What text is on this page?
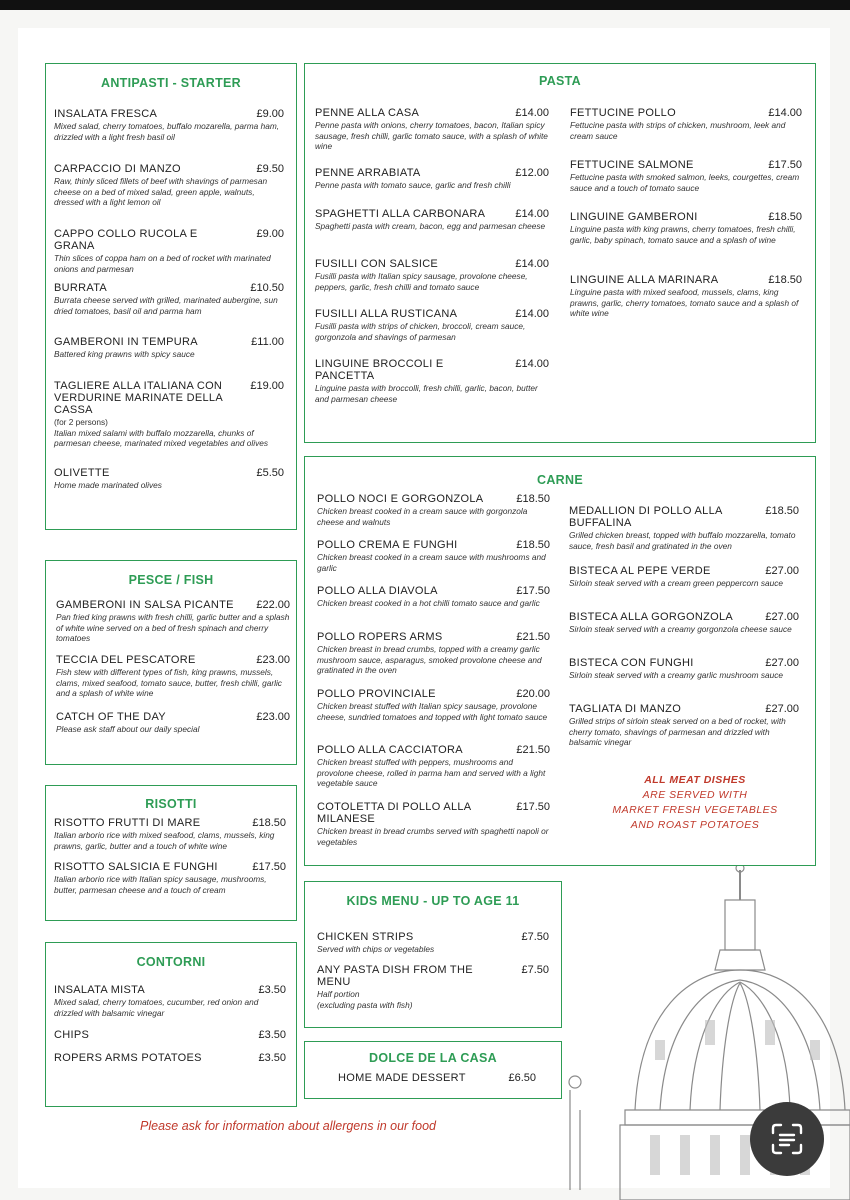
ANTIPASTI - STARTER
INSALATA FRESCA	£9.00
Mixed salad, cherry tomatoes, buffalo mozarella, parma ham, drizzled with a light fresh basil oil
CARPACCIO DI MANZO	£9.50
Raw, thinly sliced fillets of beef with shavings of parmesan cheese on a bed of mixed salad, green apple, walnuts, dressed with a light lemon oil
CAPPO COLLO RUCOLA E GRANA
£9.00
Thin slices of coppa ham on a bed of rocket with marinated onions and parmesan
BURRATA	£10.50
Burrata cheese served with grilled, marinated aubergine, sun dried tomatoes, basil oil and parma ham
GAMBERONI IN TEMPURA	£11.00
Battered king prawns with spicy sauce
TAGLIERE ALLA ITALIANA CON VERDURINE MARINATE DELLA CASSA
£19.00
(for 2 persons)
Italian mixed salami with buffalo mozzarella, chunks of parmesan cheese, marinated mixed vegetables and olives
OLIVETTE	£5.50
Home made marinated olives
PESCE / FISH
GAMBERONI IN SALSA PICANTE	£22.00
Pan fried king prawns with fresh chilli, garlic butter and a splash of white wine served on a bed of fresh spinach and cherry tomatoes
TECCIA DEL PESCATORE	£23.00
Fish stew with different types of fish, king prawns, mussels, clams, mixed seafood, tomato sauce, butter, fresh chilli, garlic and a splash of white wine
CATCH OF THE DAY	£23.00
Please ask staff about our daily special
RISOTTI
RISOTTO FRUTTI DI MARE	£18.50
Italian arborio rice with mixed seafood, clams, mussels, king prawns, garlic, butter and a touch of white wine
RISOTTO SALSICIA E FUNGHI	£17.50
Italian arborio rice with Italian spicy sausage, mushrooms, butter, parmesan cheese and a touch of cream
CONTORNI
INSALATA MISTA	£3.50
Mixed salad, cherry tomatoes, cucumber, red onion and drizzled with balsamic vinegar
CHIPS	£3.50
ROPERS ARMS POTATOES	£3.50
PASTA
PENNE ALLA CASA	£14.00
Penne pasta with onions, cherry tomatoes, bacon, Italian spicy sausage, fresh chilli, garlic tomato sauce, with a splash of white wine
PENNE ARRABIATA	£12.00
Penne pasta with tomato sauce, garlic and fresh chilli
SPAGHETTI ALLA CARBONARA	£14.00
Spaghetti pasta with cream, bacon, egg and parmesan cheese
FUSILLI CON SALSICE	£14.00
Fusilli pasta with Italian spicy sausage, provolone cheese, peppers, garlic, fresh chilli and tomato sauce
FUSILLI ALLA RUSTICANA	£14.00
Fusilli pasta with strips of chicken, broccoli, cream sauce, gorgonzola and shavings of parmesan
LINGUINE BROCCOLI E PANCETTA
£14.00
Linguine pasta with broccolli, fresh chilli, garlic, bacon, butter and parmesan cheese
FETTUCINE POLLO	£14.00
Fettucine pasta with strips of chicken, mushroom, leek and cream sauce
FETTUCINE SALMONE	£17.50
Fettucine pasta with smoked salmon, leeks, courgettes, cream sauce and a touch of tomato sauce
LINGUINE GAMBERONI	£18.50
Linguine pasta with king prawns, cherry tomatoes, fresh chilli, garlic, baby spinach, tomato sauce and a splash of wine
LINGUINE ALLA MARINARA	£18.50
Linguine pasta with mixed seafood, mussels, clams, king prawns, garlic, cherry tomatoes, tomato sauce and a splash of white wine
CARNE
POLLO NOCI E GORGONZOLA	£18.50
Chicken breast cooked in a cream sauce with gorgonzola cheese and walnuts
POLLO CREMA E FUNGHI	£18.50
Chicken breast cooked in a cream sauce with mushrooms and garlic
POLLO ALLA DIAVOLA	£17.50
Chicken breast cooked in a hot chilli tomato sauce and garlic
POLLO ROPERS ARMS	£21.50
Chicken breast in bread crumbs, topped with a creamy garlic mushroom sauce, asparagus, smoked provolone cheese and gratinated in the oven
POLLO PROVINCIALE	£20.00
Chicken breast stuffed with Italian spicy sausage, provolone cheese, sundried tomatoes and topped with light tomato sauce
POLLO ALLA CACCIATORA	£21.50
Chicken breast stuffed with peppers, mushrooms and provolone cheese, rolled in parma ham and served with a light vegetable sauce
COTOLETTA DI POLLO ALLA MILANESE
£17.50
Chicken breast in bread crumbs served with spaghetti napoli or vegetables
MEDALLION DI POLLO ALLA BUFFALINA
£18.50
Grilled chicken breast, topped with buffalo mozzarella, tomato sauce, fresh basil and gratinated in the oven
BISTECA AL PEPE VERDE	£27.00
Sirloin steak served with a cream green peppercorn sauce
BISTECA ALLA GORGONZOLA	£27.00
Sirloin steak served with a creamy gorgonzola cheese sauce
BISTECA CON FUNGHI	£27.00
Sirloin steak served with a creamy garlic mushroom sauce
TAGLIATA DI MANZO	£27.00
Grilled strips of sirloin steak served on a bed of rocket, with cherry tomato, shavings of parmesan and drizzled with balsamic vinegar
ALL MEAT DISHES
ARE SERVED WITH
MARKET FRESH VEGETABLES
AND ROAST POTATOES
KIDS MENU - UP TO AGE 11
CHICKEN STRIPS	£7.50
Served with chips or vegetables
ANY PASTA DISH FROM THE MENU
£7.50
Half portion
(excluding pasta with fish)
DOLCE DE LA CASA
HOME MADE DESSERT	£6.50
Please ask for information about allergens in our food
